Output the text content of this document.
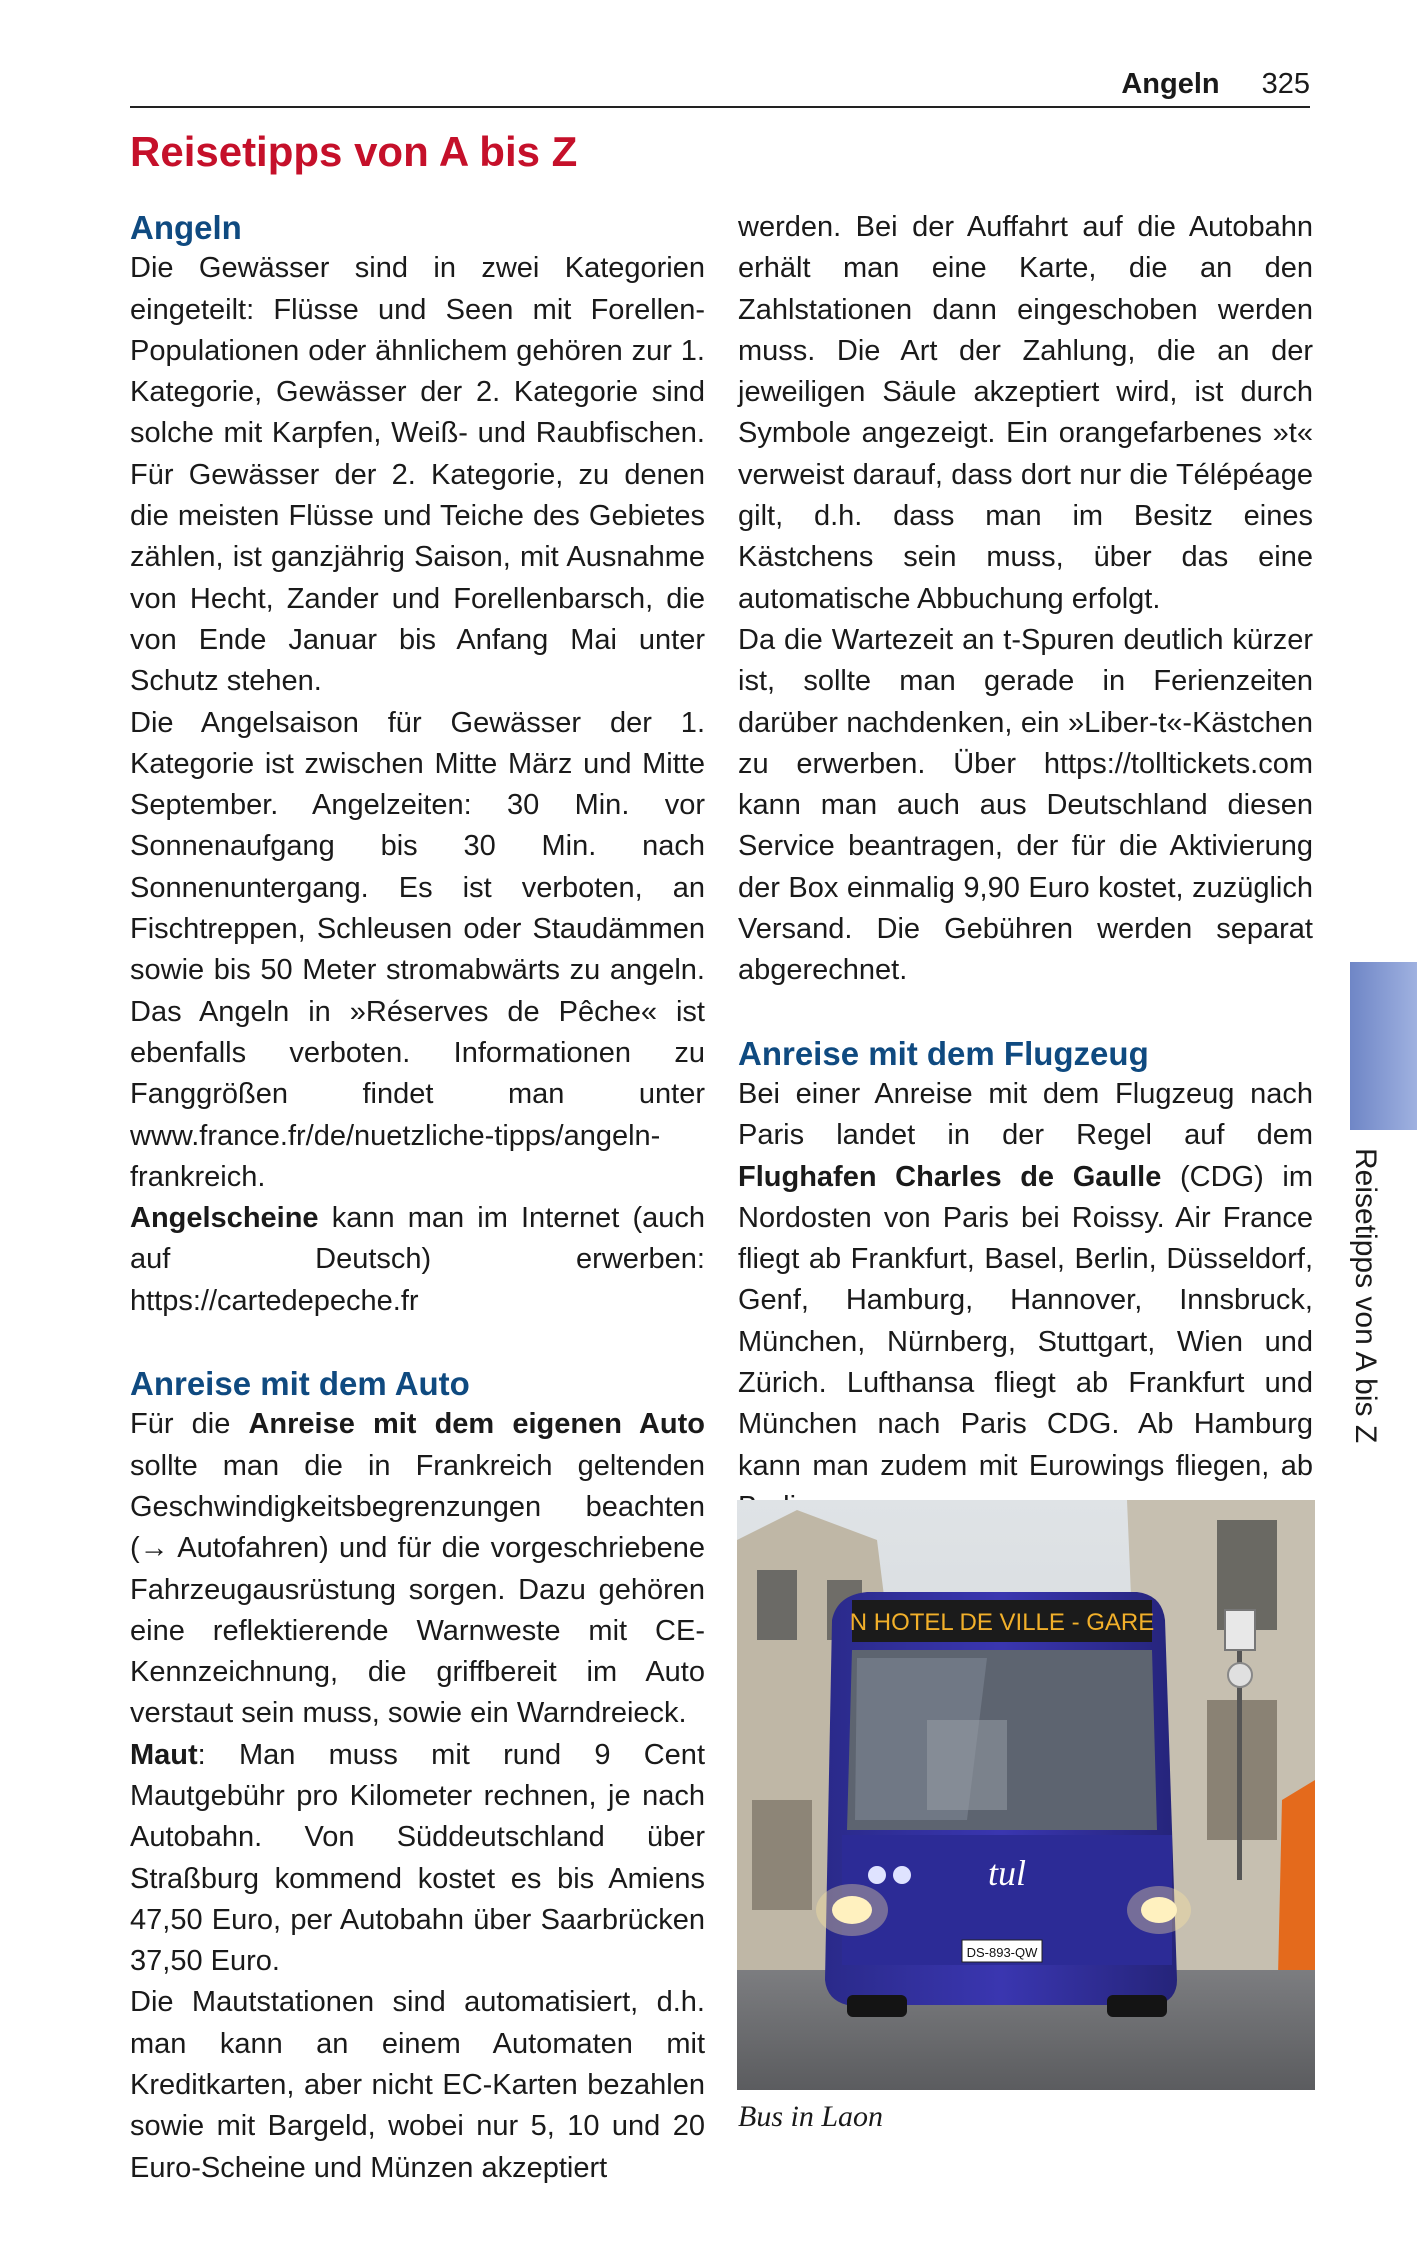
Angeln 325
Reisetipps von A bis Z
Angeln

Die Gewässer sind in zwei Kategorien eingeteilt: Flüsse und Seen mit Forellen-Populationen oder ähnlichem gehören zur 1. Kategorie, Gewässer der 2. Kategorie sind solche mit Karpfen, Weiß- und Raubfischen. Für Gewässer der 2. Kategorie, zu denen die meisten Flüsse und Teiche des Gebietes zählen, ist ganzjährig Saison, mit Ausnahme von Hecht, Zander und Forellenbarsch, die von Ende Januar bis Anfang Mai unter Schutz stehen.

Die Angelsaison für Gewässer der 1. Kategorie ist zwischen Mitte März und Mitte September. Angelzeiten: 30 Min. vor Sonnenaufgang bis 30 Min. nach Sonnenuntergang. Es ist verboten, an Fischtreppen, Schleusen oder Staudämmen sowie bis 50 Meter stromabwärts zu angeln. Das Angeln in »Réserves de Pêche« ist ebenfalls verboten. Informationen zu Fanggrößen findet man unter www.france.fr/de/nuetzliche-tipps/angeln-frankreich.

Angelscheine kann man im Internet (auch auf Deutsch) erwerben: https://cartedepeche.fr

Anreise mit dem Auto

Für die Anreise mit dem eigenen Auto sollte man die in Frankreich geltenden Geschwindigkeitsbegrenzungen beachten (→ Autofahren) und für die vorgeschriebene Fahrzeugausrüstung sorgen. Dazu gehören eine reflektierende Warnweste mit CE-Kennzeichnung, die griffbereit im Auto verstaut sein muss, sowie ein Warndreieck.

Maut: Man muss mit rund 9 Cent Mautgebühr pro Kilometer rechnen, je nach Autobahn. Von Süddeutschland über Straßburg kommend kostet es bis Amiens 47,50 Euro, per Autobahn über Saarbrücken 37,50 Euro.

Die Mautstationen sind automatisiert, d.h. man kann an einem Automaten mit Kreditkarten, aber nicht EC-Karten bezahlen sowie mit Bargeld, wobei nur 5, 10 und 20 Euro-Scheine und Münzen akzeptiert

werden. Bei der Auffahrt auf die Autobahn erhält man eine Karte, die an den Zahlstationen dann eingeschoben werden muss. Die Art der Zahlung, die an der jeweiligen Säule akzeptiert wird, ist durch Symbole angezeigt. Ein orangefarbenes »t« verweist darauf, dass dort nur die Télépéage gilt, d.h. dass man im Besitz eines Kästchens sein muss, über das eine automatische Abbuchung erfolgt.

Da die Wartezeit an t-Spuren deutlich kürzer ist, sollte man gerade in Ferienzeiten darüber nachdenken, ein »Liber-t«-Kästchen zu erwerben. Über https://tolltickets.com kann man auch aus Deutschland diesen Service beantragen, der für die Aktivierung der Box einmalig 9,90 Euro kostet, zuzüglich Versand. Die Gebühren werden separat abgerechnet.

Anreise mit dem Flugzeug

Bei einer Anreise mit dem Flugzeug nach Paris landet in der Regel auf dem Flughafen Charles de Gaulle (CDG) im Nordosten von Paris bei Roissy. Air France fliegt ab Frankfurt, Basel, Berlin, Düsseldorf, Genf, Hamburg, Hannover, Innsbruck, München, Nürnberg, Stuttgart, Wien und Zürich. Lufthansa fliegt ab Frankfurt und München nach Paris CDG. Ab Hamburg kann man zudem mit Eurowings fliegen, ab

N HOTEL DE VILLE - GARE
tul
DS-893-QW
Bus in Laon
Reisetipps von A bis Z
